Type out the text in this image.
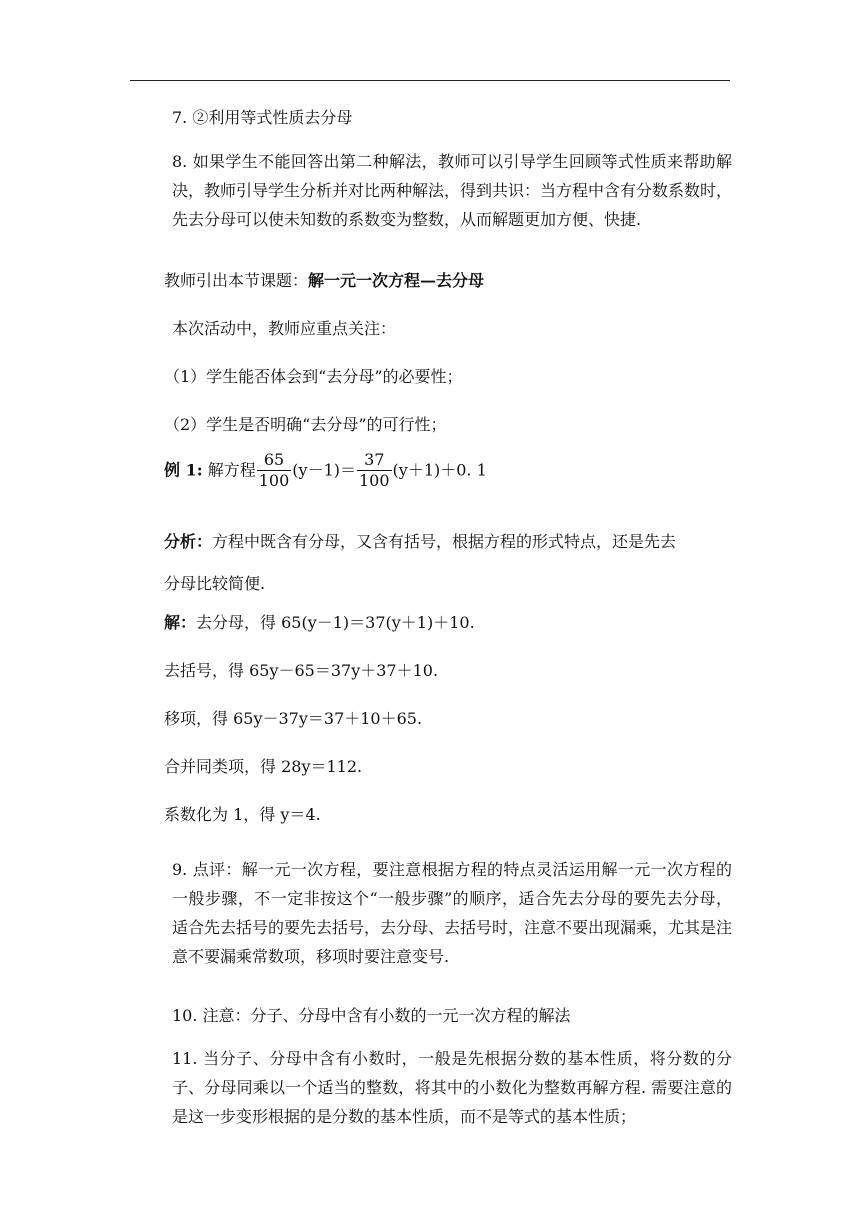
7. ②利用等式性质去分母
8. 如果学生不能回答出第二种解法，教师可以引导学生回顾等式性质来帮助解决，教师引导学生分析并对比两种解法，得到共识：当方程中含有分数系数时，先去分母可以使未知数的系数变为整数，从而解题更加方便、快捷.
教师引出本节课题：解一元一次方程—去分母
本次活动中，教师应重点关注：
（1）学生能否体会到“去分母”的必要性；
（2）学生是否明确“去分母”的可行性；
例 1: 解方程 $\frac{65}{100} (y-1)= \frac{37}{100} (y+1)+0$. 1
分析：方程中既含有分母，又含有括号，根据方程的形式特点，还是先去
分母比较简便.
解：去分母，得 65(y－1)＝37(y＋1)＋10.
去括号，得 65y－65＝37y＋37＋10.
移项，得 65y－37y＝37＋10＋65.
合并同类项，得 28y＝112.
系数化为 1，得 y＝4.
9. 点评：解一元一次方程，要注意根据方程的特点灵活运用解一元一次方程的一般步骤，不一定非按这个“一般步骤”的顺序，适合先去分母的要先去分母，适合先去括号的要先去括号，去分母、去括号时，注意不要出现漏乘，尤其是注意不要漏乘常数项，移项时要注意变号.
10. 注意：分子、分母中含有小数的一元一次方程的解法
11. 当分子、分母中含有小数时，一般是先根据分数的基本性质，将分数的分子、分母同乘以一个适当的整数，将其中的小数化为整数再解方程. 需要注意的是这一步变形根据的是分数的基本性质，而不是等式的基本性质；
